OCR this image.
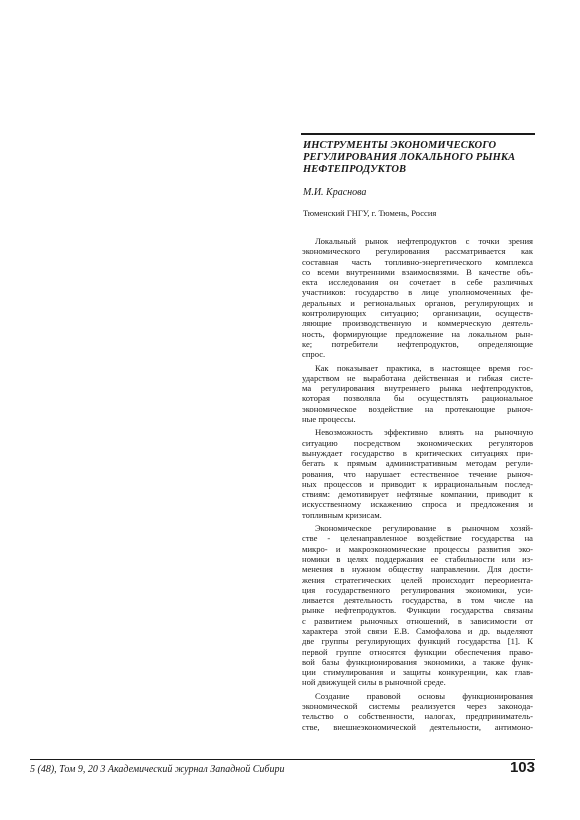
ИНСТРУМЕНТЫ ЭКОНОМИЧЕСКОГО
РЕГУЛИРОВАНИЯ ЛОКАЛЬНОГО РЫНКА
НЕФТЕПРОДУКТОВ
М.И. Краснова
Тюменский ГНГУ, г. Тюмень, Россия
Локальный рынок нефтепродуктов с точки зрения
экономического регулирования рассматривается как
составная часть топливно-энергетического комплекса
со всеми внутренними взаимосвязями. В качестве объ-
екта исследования он сочетает в себе различных
участников: государство в лице уполномоченных фе-
деральных и региональных органов, регулирующих и
контролирующих ситуацию; организации, осуществ-
ляющие производственную и коммерческую деятель-
ность, формирующие предложение на локальном рын-
ке; потребители нефтепродуктов, определяющие
спрос.
Как показывает практика, в настоящее время гос-
ударством не выработана действенная и гибкая систе-
ма регулирования внутреннего рынка нефтепродуктов,
которая позволяла бы осуществлять рациональное
экономическое воздействие на протекающие рыноч-
ные процессы.
Невозможность эффективно влиять на рыночную
ситуацию посредством экономических регуляторов
вынуждает государство в критических ситуациях при-
бегать к прямым административным методам регули-
рования, что нарушает естественное течение рыноч-
ных процессов и приводит к иррациональным послед-
ствиям: демотивирует нефтяные компании, приводит к
искусственному искажению спроса и предложения и
топливным кризисам.
Экономическое регулирование в рыночном хозяй-
стве - целенаправленное воздействие государства на
микро- и макроэкономические процессы развития эко-
номики в целях поддержания ее стабильности или из-
менения в нужном обществу направлении. Для дости-
жения стратегических целей происходит переориента-
ция государственного регулирования экономики, уси-
ливается деятельность государства, в том числе на
рынке нефтепродуктов. Функции государства связаны
с развитием рыночных отношений, в зависимости от
характера этой связи Е.В. Самофалова и др. выделяют
две группы регулирующих функций государства [1]. К
первой группе относятся функции обеспечения право-
вой базы функционирования экономики, а также функ-
ции стимулирования и защиты конкуренции, как глав-
ной движущей силы в рыночной среде.
Создание правовой основы функционирования
экономической системы реализуется через законода-
тельство о собственности, налогах, предприниматель-
стве, внешнеэкономической деятельности, антимоно-
5 (48), Том 9, 20 3 Академический журнал Западной Сибири	103
